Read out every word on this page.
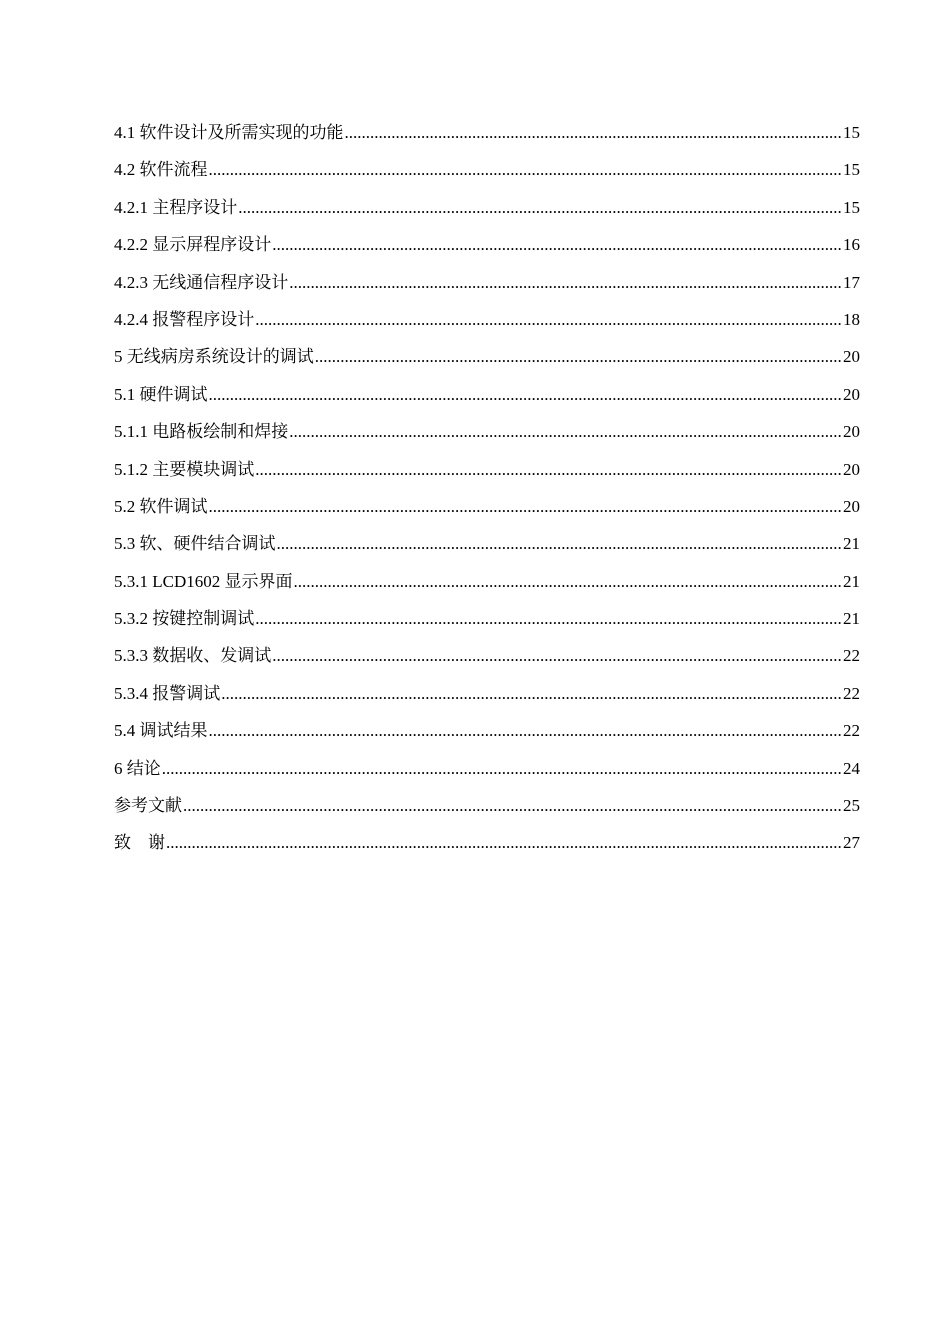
4.1 软件设计及所需实现的功能 .....	15
4.2 软件流程 .....	15
4.2.1 主程序设计 .....	15
4.2.2 显示屏程序设计 .....	16
4.2.3 无线通信程序设计 .....	17
4.2.4 报警程序设计 .....	18
5 无线病房系统设计的调试 .....	20
5.1 硬件调试 .....	20
5.1.1 电路板绘制和焊接 .....	20
5.1.2 主要模块调试 .....	20
5.2 软件调试 .....	20
5.3 软、硬件结合调试 .....	21
5.3.1 LCD1602 显示界面 .....	21
5.3.2 按键控制调试 .....	21
5.3.3 数据收、发调试 .....	22
5.3.4 报警调试 .....	22
5.4 调试结果 .....	22
6 结论 .....	24
参考文献 .....	25
致    谢 .....	27
